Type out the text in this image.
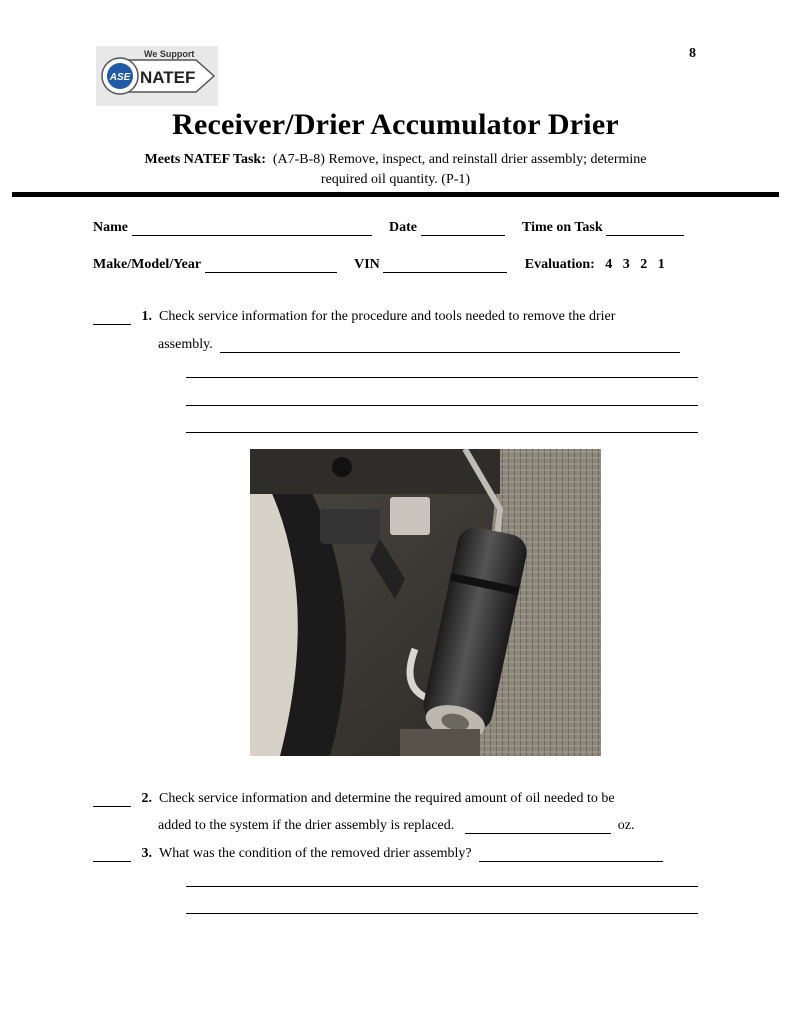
ASE
We Support
NATEF
8
Receiver/Drier Accumulator Drier
Meets NATEF Task: (A7-B-8) Remove, inspect, and reinstall drier assembly; determine
required oil quantity. (P-1)
Name	Date	Time on Task
Make/Model/Year	VIN	Evaluation: 4   3   2   1
1. Check service information for the procedure and tools needed to remove the drier
assembly.
2. Check service information and determine the required amount of oil needed to be
added to the system if the drier assembly is replaced.	oz.
3. What was the condition of the removed drier assembly?
